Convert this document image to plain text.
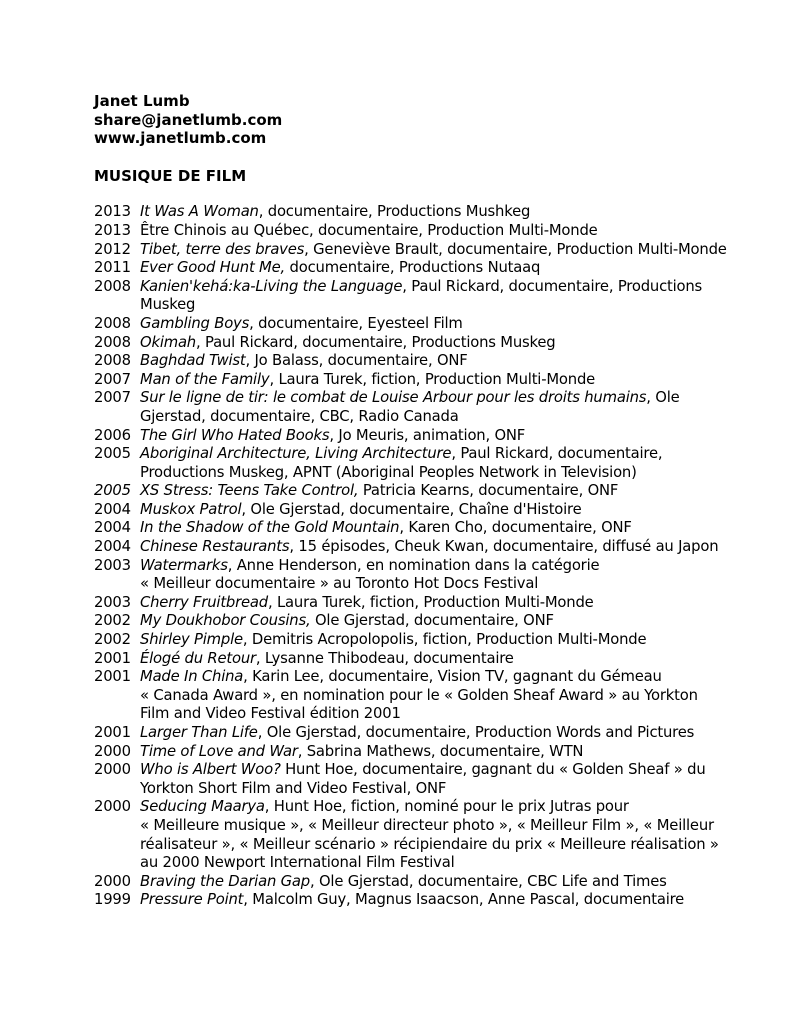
Janet Lumb
share@janetlumb.com
www.janetlumb.com
MUSIQUE DE FILM
2013 It Was A Woman, documentaire, Productions Mushkeg
2013 Être Chinois au Québec, documentaire, Production Multi-Monde
2012 Tibet, terre des braves, Geneviève Brault, documentaire, Production Multi-Monde
2011 Ever Good Hunt Me, documentaire, Productions Nutaaq
2008 Kanien'kehá:ka-Living the Language, Paul Rickard, documentaire, Productions
Muskeg
2008 Gambling Boys, documentaire, Eyesteel Film
2008 Okimah, Paul Rickard, documentaire, Productions Muskeg
2008 Baghdad Twist, Jo Balass, documentaire, ONF
2007 Man of the Family, Laura Turek, fiction, Production Multi-Monde
2007 Sur le ligne de tir: le combat de Louise Arbour pour les droits humains, Ole
Gjerstad, documentaire, CBC, Radio Canada
2006 The Girl Who Hated Books, Jo Meuris, animation, ONF
2005 Aboriginal Architecture, Living Architecture, Paul Rickard, documentaire,
Productions Muskeg, APNT (Aboriginal Peoples Network in Television)
2005 XS Stress: Teens Take Control, Patricia Kearns, documentaire, ONF
2004 Muskox Patrol, Ole Gjerstad, documentaire, Chaîne d'Histoire
2004 In the Shadow of the Gold Mountain, Karen Cho, documentaire, ONF
2004 Chinese Restaurants, 15 épisodes, Cheuk Kwan, documentaire, diffusé au Japon
2003 Watermarks, Anne Henderson, en nomination dans la catégorie
« Meilleur documentaire » au Toronto Hot Docs Festival
2003 Cherry Fruitbread, Laura Turek, fiction, Production Multi-Monde
2002 My Doukhobor Cousins, Ole Gjerstad, documentaire, ONF
2002 Shirley Pimple, Demitris Acropolopolis, fiction, Production Multi-Monde
2001 Élogé du Retour, Lysanne Thibodeau, documentaire
2001 Made In China, Karin Lee, documentaire, Vision TV, gagnant du Gémeau
« Canada Award », en nomination pour le « Golden Sheaf Award » au Yorkton
Film and Video Festival édition 2001
2001 Larger Than Life, Ole Gjerstad, documentaire, Production Words and Pictures
2000 Time of Love and War, Sabrina Mathews, documentaire, WTN
2000 Who is Albert Woo? Hunt Hoe, documentaire, gagnant du « Golden Sheaf » du
Yorkton Short Film and Video Festival, ONF
2000 Seducing Maarya, Hunt Hoe, fiction, nominé pour le prix Jutras pour
« Meilleure musique », « Meilleur directeur photo », « Meilleur Film », « Meilleur
réalisateur », « Meilleur scénario » récipiendaire du prix « Meilleure réalisation »
au 2000 Newport International Film Festival
2000 Braving the Darian Gap, Ole Gjerstad, documentaire, CBC Life and Times
1999 Pressure Point, Malcolm Guy, Magnus Isaacson, Anne Pascal, documentaire
